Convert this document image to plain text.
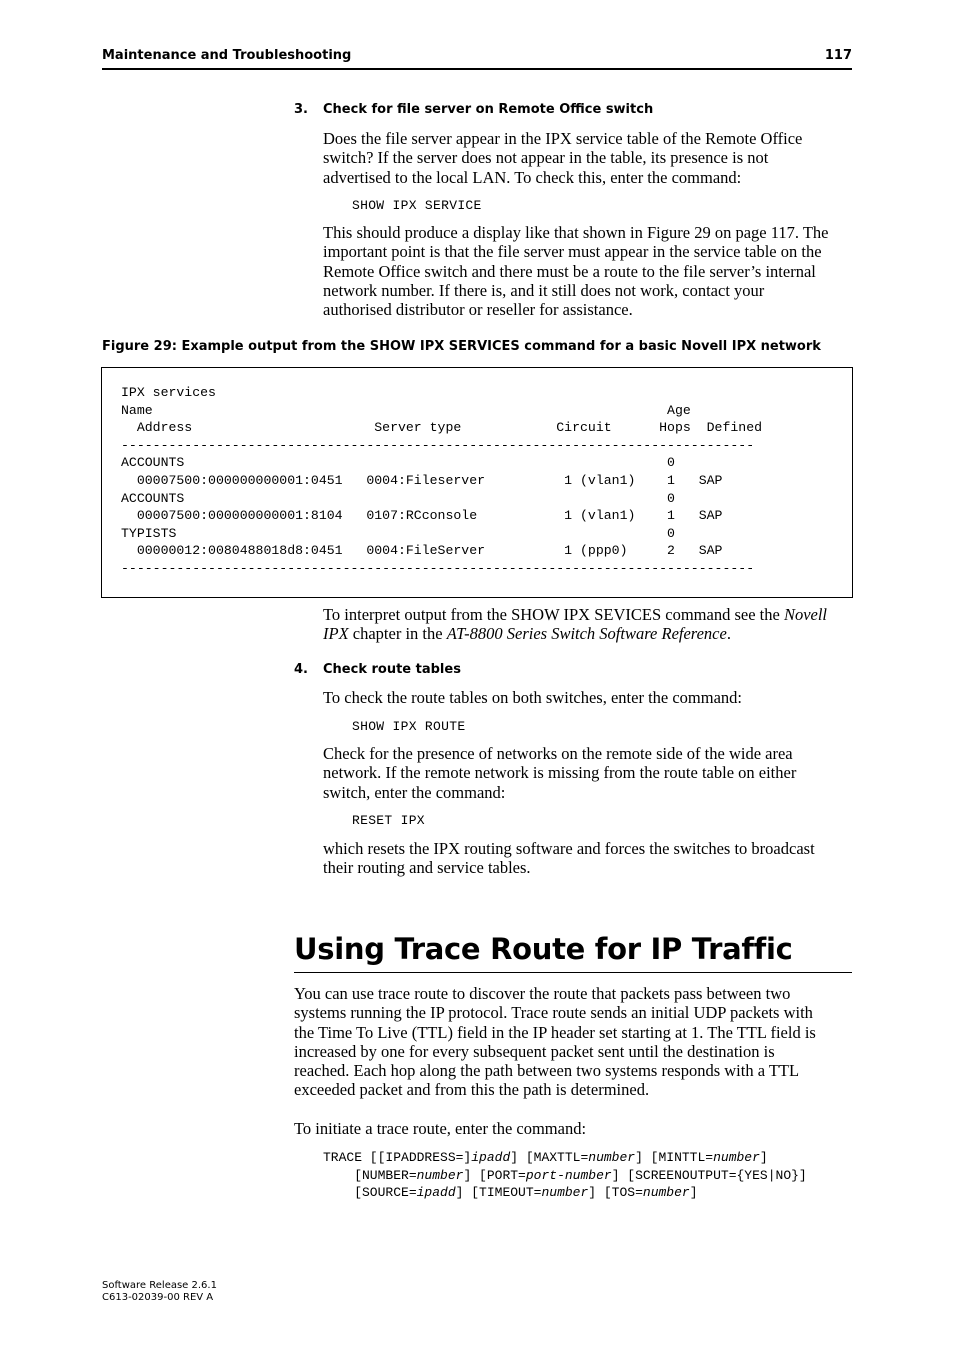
Maintenance and Troubleshooting	117
3. Check for file server on Remote Office switch
Does the file server appear in the IPX service table of the Remote Office
switch? If the server does not appear in the table, its presence is not
advertised to the local LAN. To check this, enter the command:
SHOW IPX SERVICE
This should produce a display like that shown in Figure 29 on page 117. The
important point is that the file server must appear in the service table on the
Remote Office switch and there must be a route to the file server’s internal
network number. If there is, and it still does not work, contact your
authorised distributor or reseller for assistance.
Figure 29: Example output from the SHOW IPX SERVICES command for a basic Novell IPX network
IPX services
Name                                                                 Age
Address                       Server type            Circuit      Hops  Defined
--------------------------------------------------------------------------------
ACCOUNTS                                                             0
00007500:000000000001:0451   0004:Fileserver          1 (vlan1)    1   SAP
ACCOUNTS                                                             0
00007500:000000000001:8104   0107:RCconsole           1 (vlan1)    1   SAP
TYPISTS                                                              0
00000012:0080488018d8:0451   0004:FileServer          1 (ppp0)     2   SAP
--------------------------------------------------------------------------------
To interpret output from the SHOW IPX SEVICES command see the Novell
IPX chapter in the AT-8800 Series Switch Software Reference.
4. Check route tables
To check the route tables on both switches, enter the command:
SHOW IPX ROUTE
Check for the presence of networks on the remote side of the wide area
network. If the remote network is missing from the route table on either
switch, enter the command:
RESET IPX
which resets the IPX routing software and forces the switches to broadcast
their routing and service tables.
Using Trace Route for IP Traffic
You can use trace route to discover the route that packets pass between two
systems running the IP protocol. Trace route sends an initial UDP packets with
the Time To Live (TTL) field in the IP header set starting at 1. The TTL field is
increased by one for every subsequent packet sent until the destination is
reached. Each hop along the path between two systems responds with a TTL
exceeded packet and from this the path is determined.
To initiate a trace route, enter the command:
TRACE [[IPADDRESS=]ipadd] [MAXTTL=number] [MINTTL=number]
[NUMBER=number] [PORT=port-number] [SCREENOUTPUT={YES|NO}]
[SOURCE=ipadd] [TIMEOUT=number] [TOS=number]
Software Release 2.6.1
C613-02039-00 REV A
